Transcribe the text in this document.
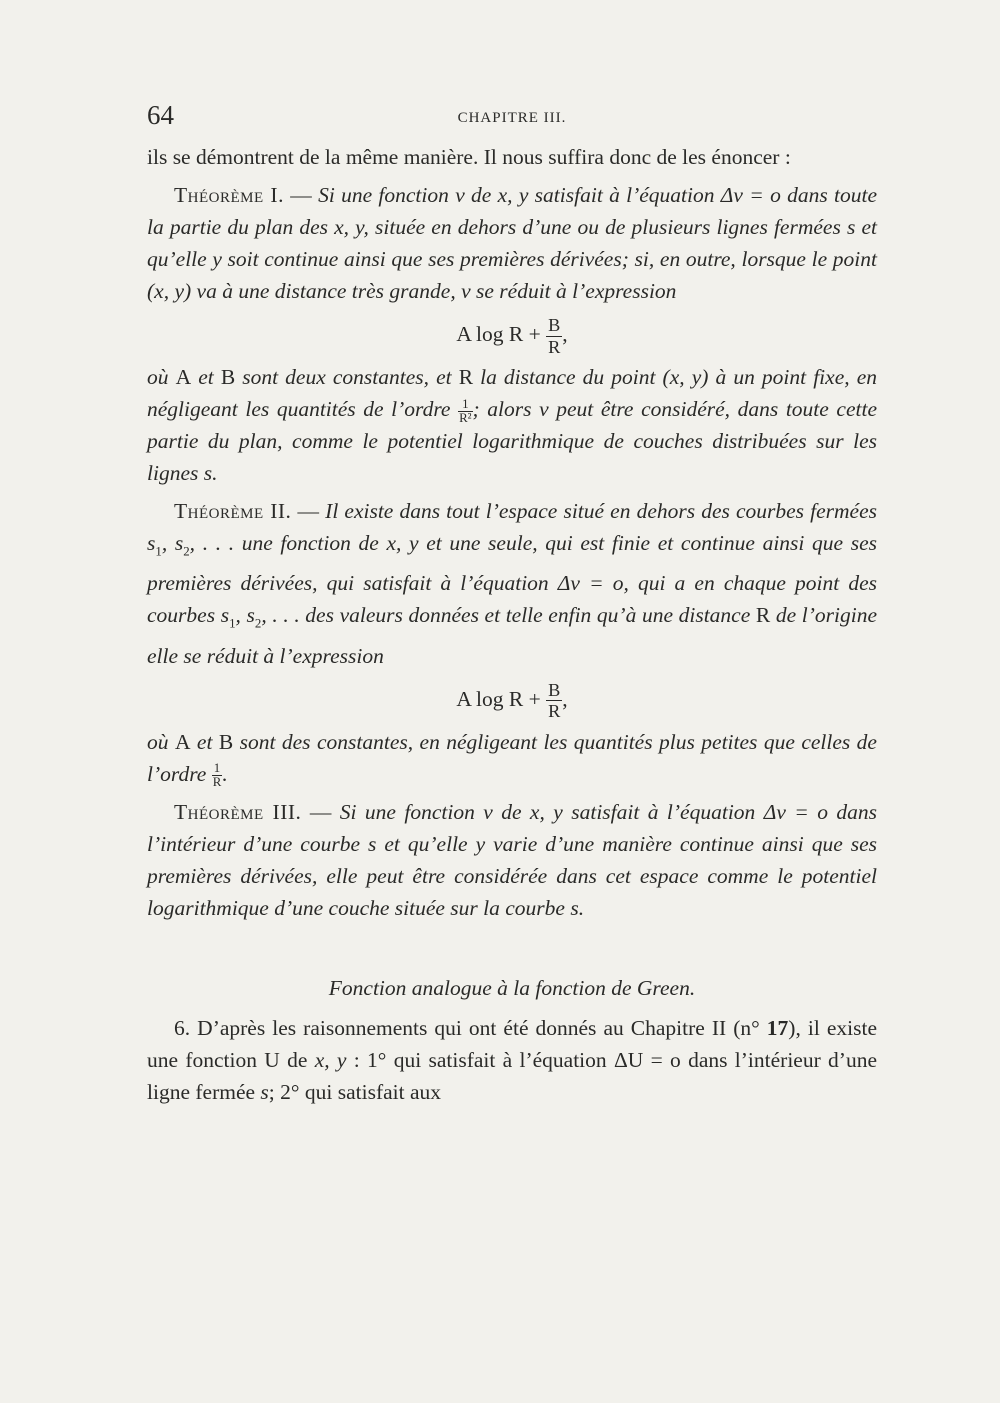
64	CHAPITRE III.

ils se démontrent de la même manière. Il nous suffira donc de les énoncer :

Théorème I. — Si une fonction v de x, y satisfait à l’équation Δv = o dans toute la partie du plan des x, y, située en dehors d’une ou de plusieurs lignes fermées s et qu’elle y soit continue ainsi que ses premières dérivées; si, en outre, lorsque le point (x, y) va à une distance très grande, v se réduit à l’expression

A $\log R + \frac{B}{R}$ ,

où A et B sont deux constantes, et R la distance du point (x, y) à un point fixe, en négligeant les quantités de l’ordre $\frac{1}{\text{R²}}$ ; alors v peut être considéré, dans toute cette partie du plan, comme le potentiel logarithmique de couches distribuées sur les lignes s.

Théorème II. — Il existe dans tout l’espace situé en dehors des courbes fermées $s_1$, $s_2$, . . . une fonction de x, y et une seule, qui est finie et continue ainsi que ses premières dérivées, qui satisfait à l’équation Δv = o, qui a en chaque point des courbes $s_1$, $s_2$, . . . des valeurs données et telle enfin qu’à une distance R de l’origine elle se réduit à l’expression

A $\log R + \frac{B}{R}$ ,

où A et B sont des constantes, en négligeant les quantités plus petites que celles de l’ordre $\frac{1}{R}$ .

Théorème III. — Si une fonction v de x, y satisfait à l’équation Δv = o dans l’intérieur d’une courbe s et qu’elle y varie d’une manière continue ainsi que ses premières dérivées, elle peut être considérée dans cet espace comme le potentiel logarithmique d’une couche située sur la courbe s.

Fonction analogue à la fonction de Green.

6. D’après les raisonnements qui ont été donnés au Chapitre II (n° 17), il existe une fonction U de x, y : 1° qui satisfait à l’équation ΔU = o dans l’intérieur d’une ligne fermée s; 2° qui satisfait aux
